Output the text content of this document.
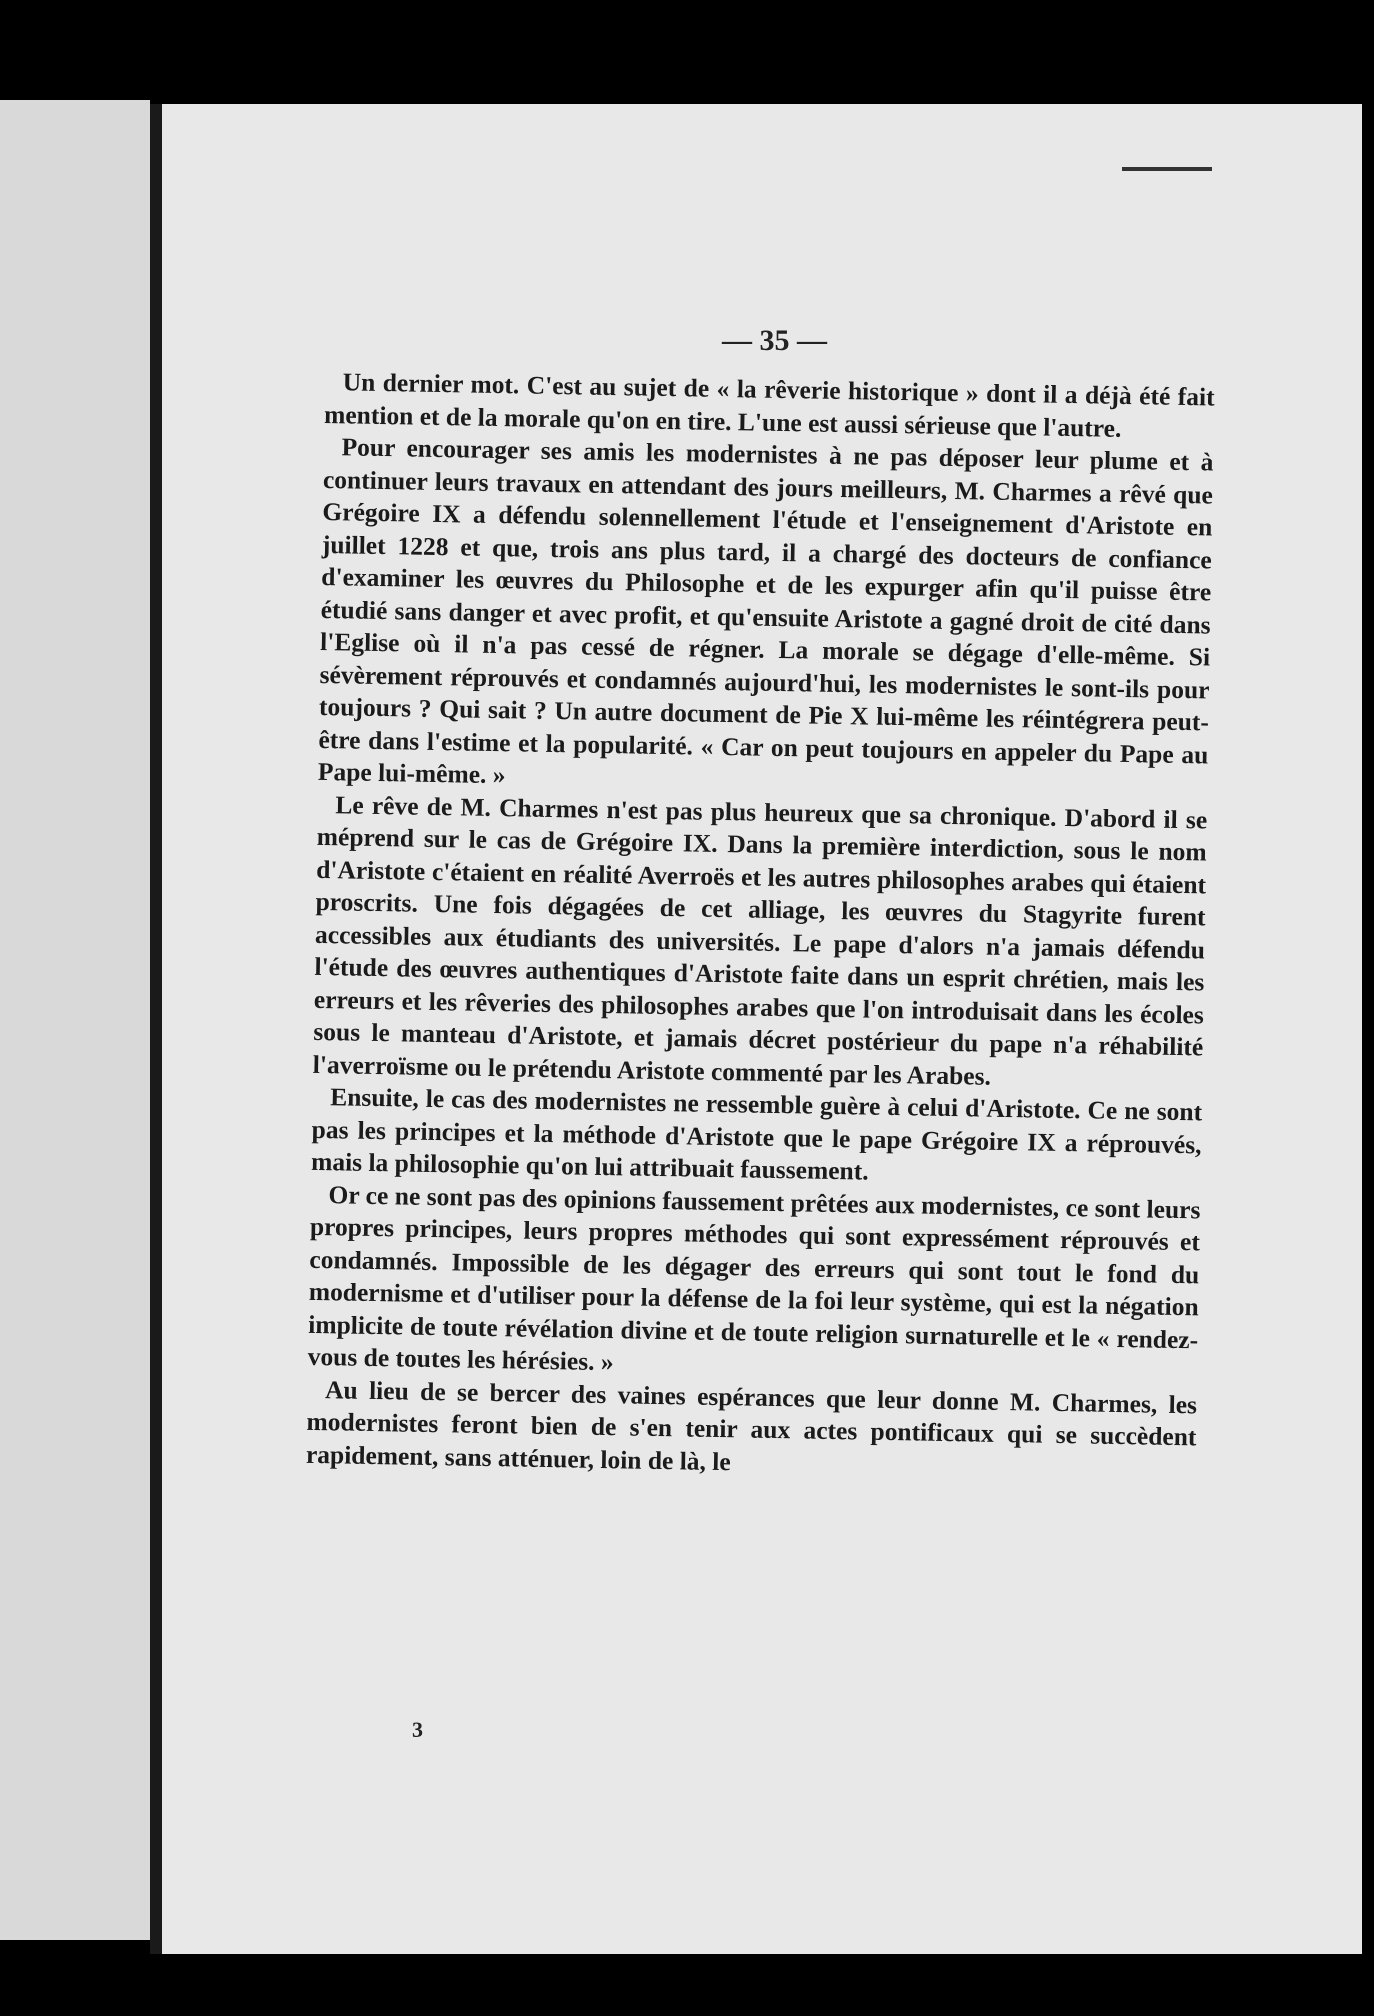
— 35 —

Un dernier mot. C'est au sujet de « la rêverie historique » dont il a déjà été fait mention et de la morale qu'on en tire. L'une est aussi sérieuse que l'autre.

Pour encourager ses amis les modernistes à ne pas déposer leur plume et à continuer leurs travaux en attendant des jours meilleurs, M. Charmes a rêvé que Grégoire IX a défendu solennellement l'étude et l'enseignement d'Aristote en juillet 1228 et que, trois ans plus tard, il a chargé des docteurs de confiance d'examiner les œuvres du Philosophe et de les expurger afin qu'il puisse être étudié sans danger et avec profit, et qu'ensuite Aristote a gagné droit de cité dans l'Eglise où il n'a pas cessé de régner. La morale se dégage d'elle-même. Si sévèrement réprouvés et condamnés aujourd'hui, les modernistes le sont-ils pour toujours ? Qui sait ? Un autre document de Pie X lui-même les réintégrera peut-être dans l'estime et la popularité. « Car on peut toujours en appeler du Pape au Pape lui-même. »

Le rêve de M. Charmes n'est pas plus heureux que sa chronique. D'abord il se méprend sur le cas de Grégoire IX. Dans la première interdiction, sous le nom d'Aristote c'étaient en réalité Averroës et les autres philosophes arabes qui étaient proscrits. Une fois dégagées de cet alliage, les œuvres du Stagyrite furent accessibles aux étudiants des universités. Le pape d'alors n'a jamais défendu l'étude des œuvres authentiques d'Aristote faite dans un esprit chrétien, mais les erreurs et les rêveries des philosophes arabes que l'on introduisait dans les écoles sous le manteau d'Aristote, et jamais décret postérieur du pape n'a réhabilité l'averroïsme ou le prétendu Aristote commenté par les Arabes.

Ensuite, le cas des modernistes ne ressemble guère à celui d'Aristote. Ce ne sont pas les principes et la méthode d'Aristote que le pape Grégoire IX a réprouvés, mais la philosophie qu'on lui attribuait faussement.

Or ce ne sont pas des opinions faussement prêtées aux modernistes, ce sont leurs propres principes, leurs propres méthodes qui sont expressément réprouvés et condamnés. Impossible de les dégager des erreurs qui sont tout le fond du modernisme et d'utiliser pour la défense de la foi leur système, qui est la négation implicite de toute révélation divine et de toute religion surnaturelle et le « rendez-vous de toutes les hérésies. »

Au lieu de se bercer des vaines espérances que leur donne M. Charmes, les modernistes feront bien de s'en tenir aux actes pontificaux qui se succèdent rapidement, sans atténuer, loin de là, le

3
